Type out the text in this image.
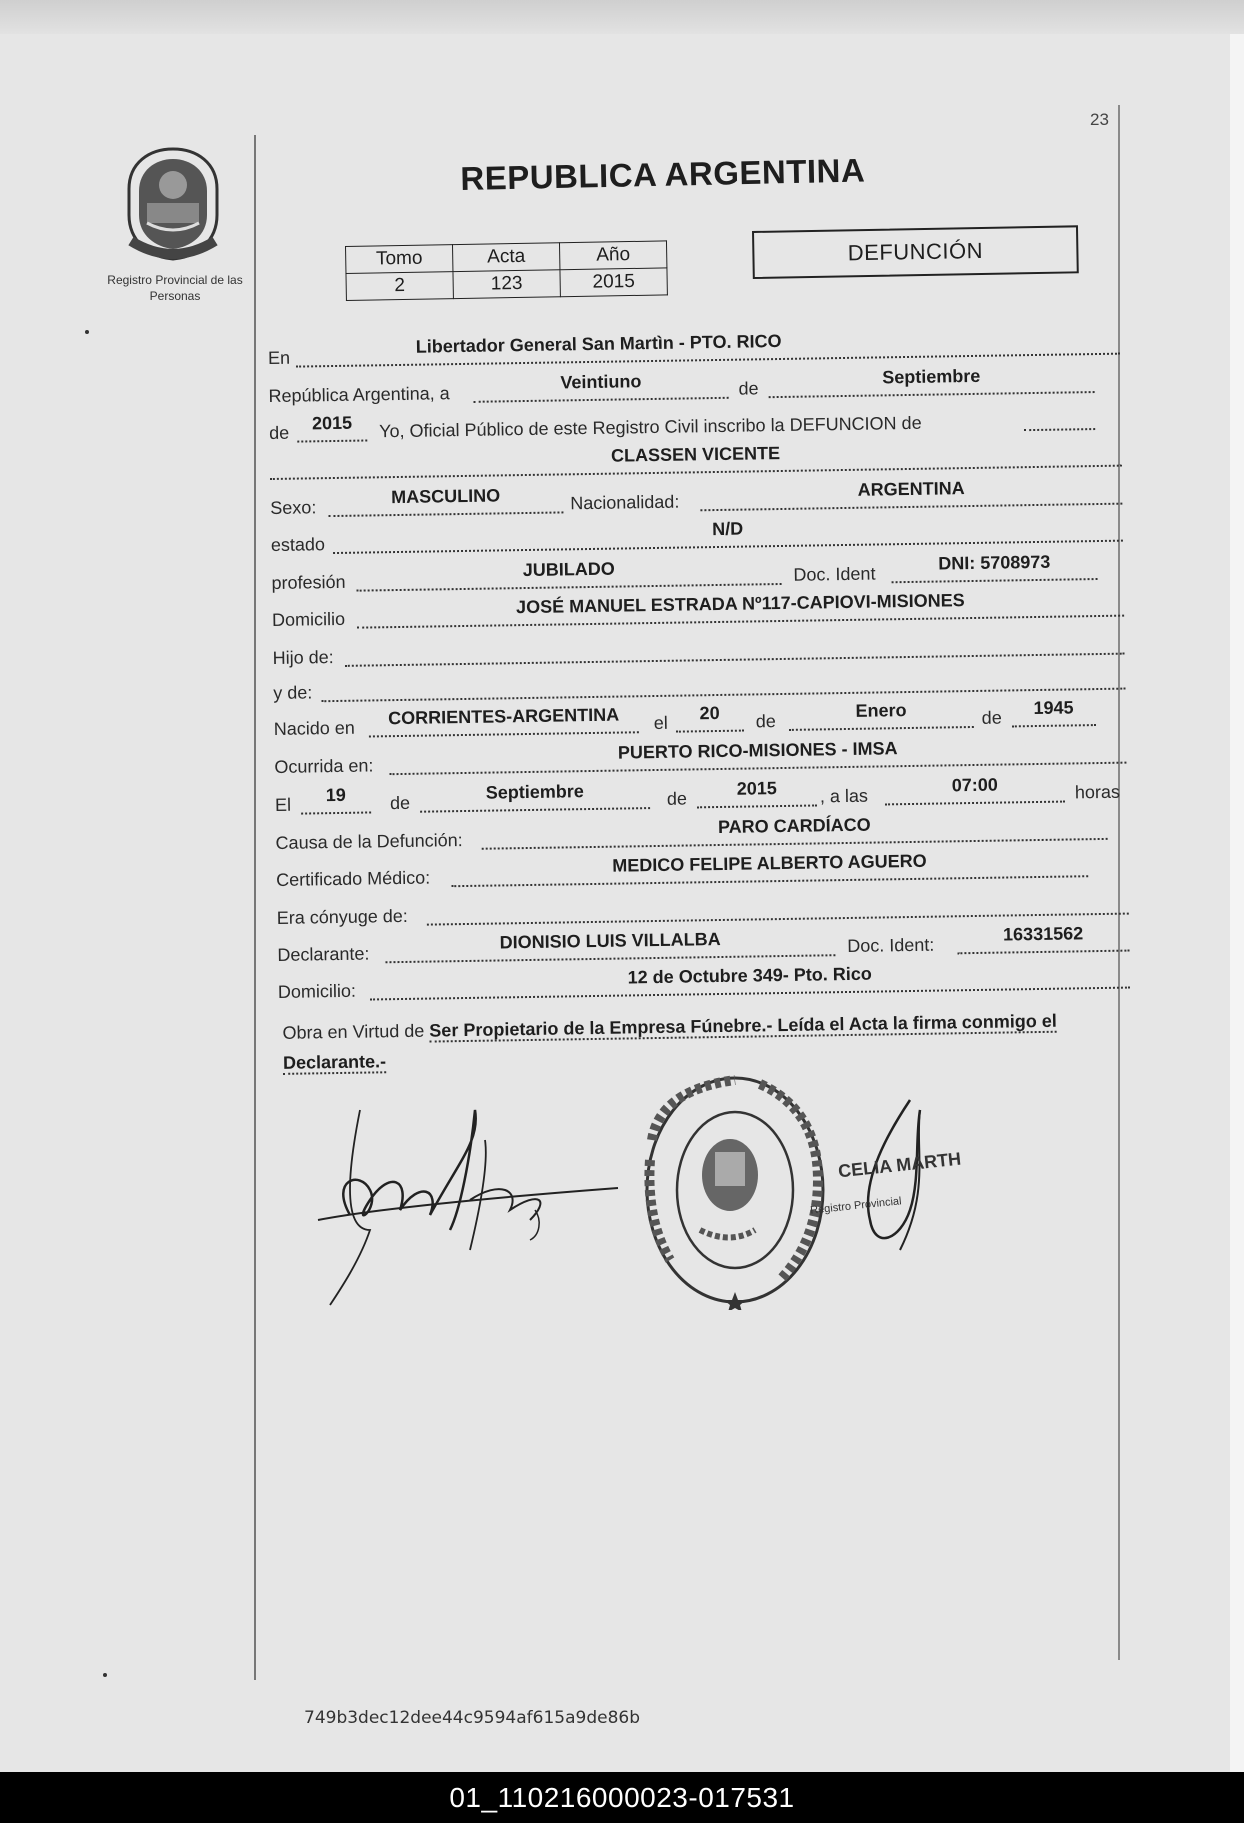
Registro Provincial de las Personas
23
REPUBLICA ARGENTINA
Tomo	Acta	Año
2	123	2015
DEFUNCIÓN
En
Libertador General San Martìn - PTO. RICO
República Argentina, a
Veintiuno	de
Septiembre
de	2015	Yo, Oficial Público de este Registro Civil inscribo la DEFUNCION de
CLASSEN VICENTE
Sexo:
MASCULINO	Nacionalidad:
ARGENTINA
estado
N/D
profesión
JUBILADO	Doc. Ident
DNI: 5708973
Domicilio
JOSÉ MANUEL ESTRADA Nº117-CAPIOVI-MISIONES
Hijo de:
y de:
Nacido en
CORRIENTES-ARGENTINA	el	20	de
Enero	de	1945
Ocurrida en:
PUERTO RICO-MISIONES - IMSA
El	19	de
Septiembre	de	2015	, a las
07:00	horas
Causa de la Defunción:
PARO CARDÍACO
Certificado Médico:
MEDICO FELIPE ALBERTO AGUERO
Era cónyuge de:
Declarante:
DIONISIO LUIS VILLALBA	Doc. Ident:
16331562
Domicilio:
12 de Octubre 349- Pto. Rico
Obra en Virtud de Ser Propietario de la Empresa Fúnebre.- Leída el Acta la firma conmigo el Declarante.-
CELIA MARTH
Registro Provincial
749b3dec12dee44c9594af615a9de86b
01_110216000023-017531
